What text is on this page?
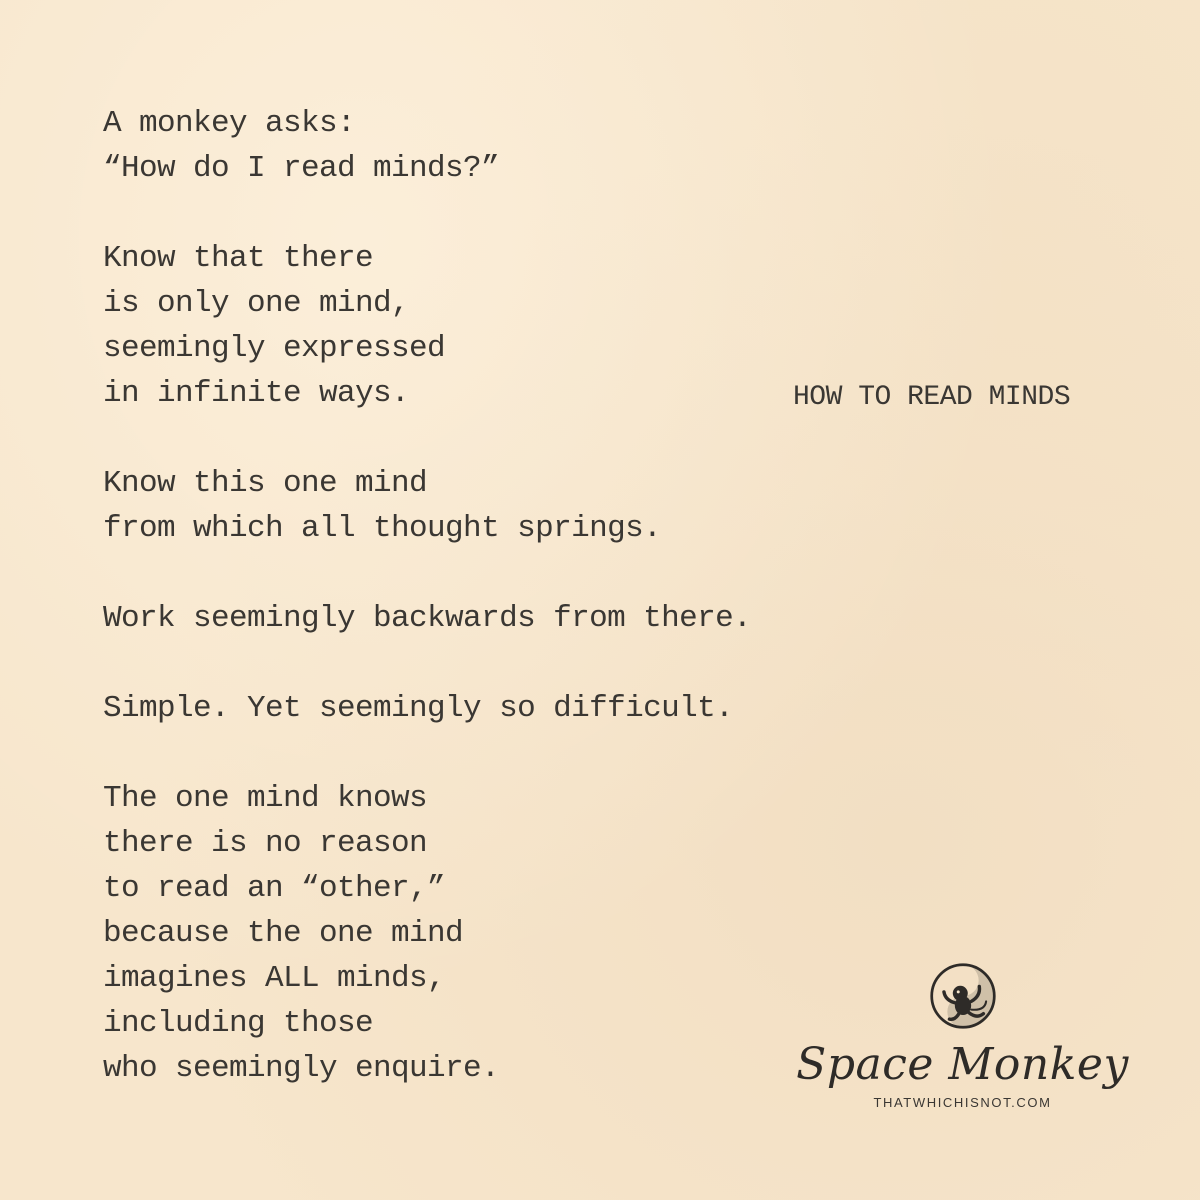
A monkey asks:
“How do I read minds?”
Know that there
is only one mind,
seemingly expressed
in infinite ways.
Know this one mind
from which all thought springs.
Work seemingly backwards from there.
Simple. Yet seemingly so difficult.
The one mind knows
there is no reason
to read an “other,”
because the one mind
imagines ALL minds,
including those
who seemingly enquire.
HOW TO READ MINDS
Space Monkey
THATWHICHISNOT.COM
